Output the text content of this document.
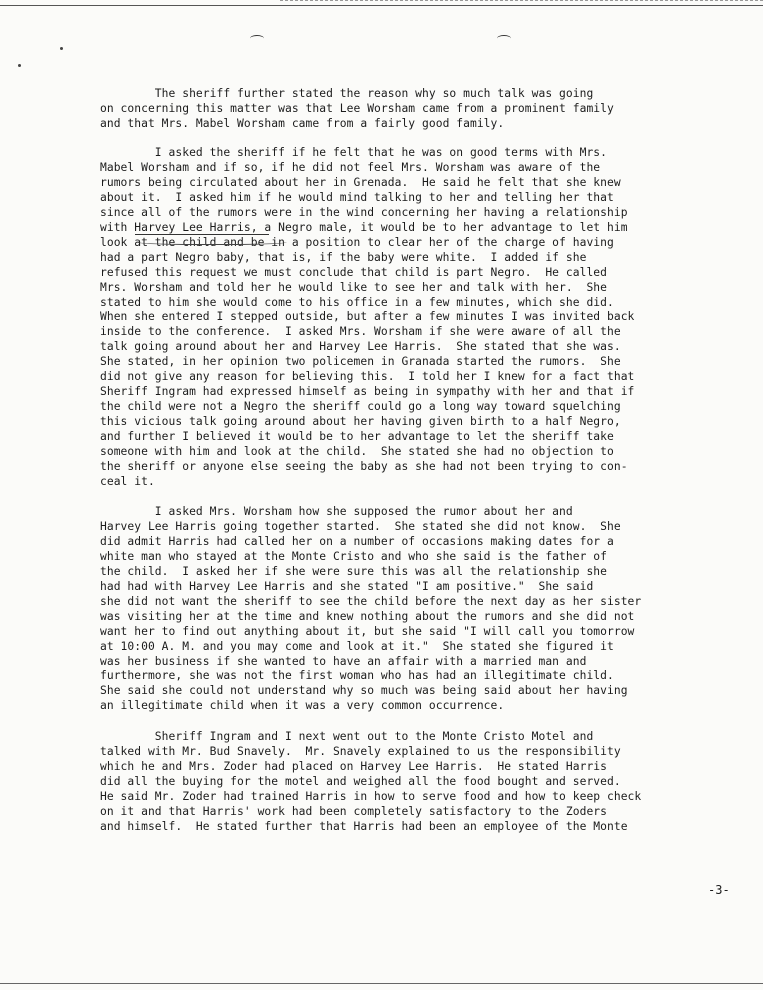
The sheriff further stated the reason why so much talk was going
on concerning this matter was that Lee Worsham came from a prominent family
and that Mrs. Mabel Worsham came from a fairly good family.

I asked the sheriff if he felt that he was on good terms with Mrs.
Mabel Worsham and if so, if he did not feel Mrs. Worsham was aware of the
rumors being circulated about her in Grenada.  He said he felt that she knew
about it.  I asked him if he would mind talking to her and telling her that
since all of the rumors were in the wind concerning her having a relationship
with Harvey Lee Harris, a Negro male, it would be to her advantage to let him
look at the child and be in a position to clear her of the charge of having
had a part Negro baby, that is, if the baby were white.  I added if she
refused this request we must conclude that child is part Negro.  He called
Mrs. Worsham and told her he would like to see her and talk with her.  She
stated to him she would come to his office in a few minutes, which she did.
When she entered I stepped outside, but after a few minutes I was invited back
inside to the conference.  I asked Mrs. Worsham if she were aware of all the
talk going around about her and Harvey Lee Harris.  She stated that she was.
She stated, in her opinion two policemen in Granada started the rumors.  She
did not give any reason for believing this.  I told her I knew for a fact that
Sheriff Ingram had expressed himself as being in sympathy with her and that if
the child were not a Negro the sheriff could go a long way toward squelching
this vicious talk going around about her having given birth to a half Negro,
and further I believed it would be to her advantage to let the sheriff take
someone with him and look at the child.  She stated she had no objection to
the sheriff or anyone else seeing the baby as she had not been trying to con-
ceal it.

I asked Mrs. Worsham how she supposed the rumor about her and
Harvey Lee Harris going together started.  She stated she did not know.  She
did admit Harris had called her on a number of occasions making dates for a
white man who stayed at the Monte Cristo and who she said is the father of
the child.  I asked her if she were sure this was all the relationship she
had had with Harvey Lee Harris and she stated "I am positive."  She said
she did not want the sheriff to see the child before the next day as her sister
was visiting her at the time and knew nothing about the rumors and she did not
want her to find out anything about it, but she said "I will call you tomorrow
at 10:00 A. M. and you may come and look at it."  She stated she figured it
was her business if she wanted to have an affair with a married man and
furthermore, she was not the first woman who has had an illegitimate child.
She said she could not understand why so much was being said about her having
an illegitimate child when it was a very common occurrence.

Sheriff Ingram and I next went out to the Monte Cristo Motel and
talked with Mr. Bud Snavely.  Mr. Snavely explained to us the responsibility
which he and Mrs. Zoder had placed on Harvey Lee Harris.  He stated Harris
did all the buying for the motel and weighed all the food bought and served.
He said Mr. Zoder had trained Harris in how to serve food and how to keep check
on it and that Harris' work had been completely satisfactory to the Zoders
and himself.  He stated further that Harris had been an employee of the Monte

-3-
